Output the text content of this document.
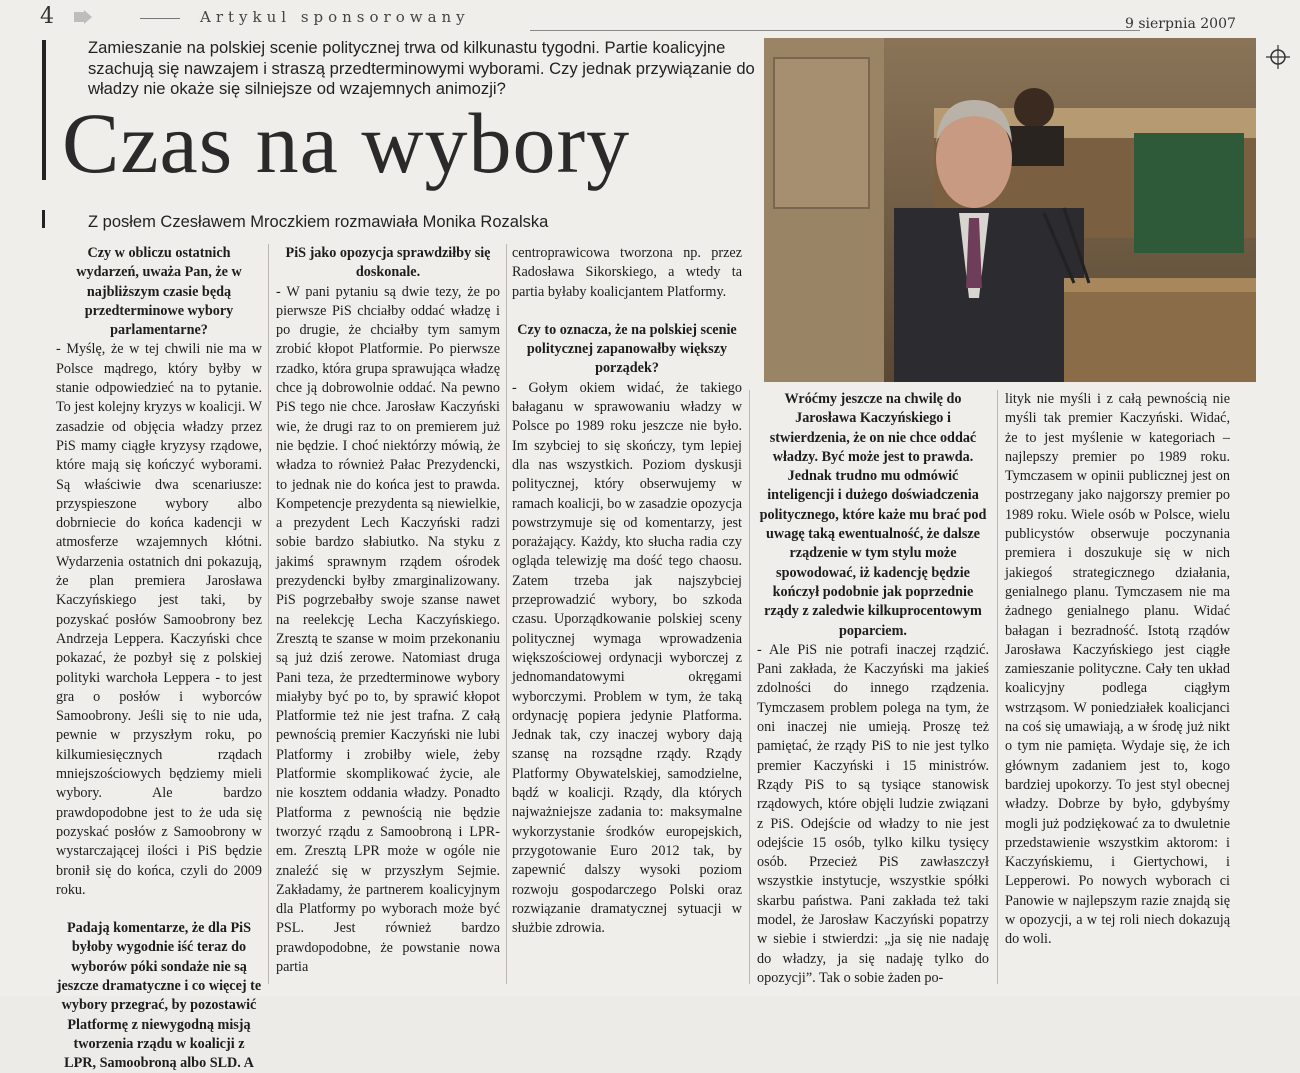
4	Artykul sponsorowany	9 sierpnia 2007
Zamieszanie na polskiej scenie politycznej trwa od kilkunastu tygodni. Partie koalicyjne szachują się nawzajem i straszą przedterminowymi wyborami. Czy jednak przywiązanie do władzy nie okaże się silniejsze od wzajemnych animozji?
Czas na wybory
Z posłem Czesławem Mroczkiem rozmawiała Monika Rozalska

Czy w obliczu ostatnich wydarzeń, uważa Pan, że w najbliższym czasie będą przedterminowe wybory parlamentarne?

- Myślę, że w tej chwili nie ma w Polsce mądrego, który byłby w stanie odpowiedzieć na to pytanie. To jest kolejny kryzys w koalicji. W zasadzie od objęcia władzy przez PiS mamy ciągłe kryzysy rządowe, które mają się kończyć wyborami. Są właściwie dwa scenariusze: przyspieszone wybory albo dobrniecie do końca kadencji w atmosferze wzajemnych kłótni. Wydarzenia ostatnich dni pokazują, że plan premiera Jarosława Kaczyńskiego jest taki, by pozyskać posłów Samoobrony bez Andrzeja Leppera. Kaczyński chce pokazać, że pozbył się z polskiej polityki warchoła Leppera - to jest gra o posłów i wyborców Samoobrony. Jeśli się to nie uda, pewnie w przyszłym roku, po kilkumiesięcznych rządach mniejszościowych będziemy mieli wybory. Ale bardzo prawdopodobne jest to że uda się pozyskać posłów z Samoobrony w wystarczającej ilości i PiS będzie bronił się do końca, czyli do 2009 roku.

Padają komentarze, że dla PiS byłoby wygodnie iść teraz do wyborów póki sondaże nie są jeszcze dramatyczne i co więcej te wybory przegrać, by pozostawić Platformę z niewygodną misją tworzenia rządu w koalicji z LPR, Samoobroną albo SLD. A

PiS jako opozycja sprawdziłby się doskonale.

- W pani pytaniu są dwie tezy, że po pierwsze PiS chciałby oddać władzę i po drugie, że chciałby tym samym zrobić kłopot Platformie. Po pierwsze rzadko, która grupa sprawująca władzę chce ją dobrowolnie oddać. Na pewno PiS tego nie chce. Jarosław Kaczyński wie, że drugi raz to on premierem już nie będzie. I choć niektórzy mówią, że władza to również Pałac Prezydencki, to jednak nie do końca jest to prawda. Kompetencje prezydenta są niewielkie, a prezydent Lech Kaczyński radzi sobie bardzo słabiutko. Na styku z jakimś sprawnym rządem ośrodek prezydencki byłby zmarginalizowany. PiS pogrzebałby swoje szanse nawet na reelekcję Lecha Kaczyńskiego. Zresztą te szanse w moim przekonaniu są już dziś zerowe. Natomiast druga Pani teza, że przedterminowe wybory miałyby być po to, by sprawić kłopot Platformie też nie jest trafna. Z całą pewnością premier Kaczyński nie lubi Platformy i zrobiłby wiele, żeby Platformie skomplikować życie, ale nie kosztem oddania władzy. Ponadto Platforma z pewnością nie będzie tworzyć rządu z Samoobroną i LPR-em. Zresztą LPR może w ogóle nie znaleźć się w przyszłym Sejmie. Zakładamy, że partnerem koalicyjnym dla Platformy po wyborach może być PSL. Jest również bardzo prawdopodobne, że powstanie nowa partia

centroprawicowa tworzona np. przez Radosława Sikorskiego, a wtedy ta partia byłaby koalicjantem Platformy.

Czy to oznacza, że na polskiej scenie politycznej zapanowałby większy porządek?

- Gołym okiem widać, że takiego bałaganu w sprawowaniu władzy w Polsce po 1989 roku jeszcze nie było. Im szybciej to się skończy, tym lepiej dla nas wszystkich. Poziom dyskusji politycznej, który obserwujemy w ramach koalicji, bo w zasadzie opozycja powstrzymuje się od komentarzy, jest porażający. Każdy, kto słucha radia czy ogląda telewizję ma dość tego chaosu. Zatem trzeba jak najszybciej przeprowadzić wybory, bo szkoda czasu. Uporządkowanie polskiej sceny politycznej wymaga wprowadzenia większościowej ordynacji wyborczej z jednomandatowymi okręgami wyborczymi. Problem w tym, że taką ordynację popiera jedynie Platforma. Jednak tak, czy inaczej wybory dają szansę na rozsądne rządy. Rządy Platformy Obywatelskiej, samodzielne, bądź w koalicji. Rządy, dla których najważniejsze zadania to: maksymalne wykorzystanie środków europejskich, przygotowanie Euro 2012 tak, by zapewnić dalszy wysoki poziom rozwoju gospodarczego Polski oraz rozwiązanie dramatycznej sytuacji w służbie zdrowia.

Wróćmy jeszcze na chwilę do Jarosława Kaczyńskiego i stwierdzenia, że on nie chce oddać władzy. Być może jest to prawda. Jednak trudno mu odmówić inteligencji i dużego doświadczenia politycznego, które każe mu brać pod uwagę taką ewentualność, że dalsze rządzenie w tym stylu może spowodować, iż kadencję będzie kończył podobnie jak poprzednie rządy z zaledwie kilkuprocentowym poparciem.

- Ale PiS nie potrafi inaczej rządzić. Pani zakłada, że Kaczyński ma jakieś zdolności do innego rządzenia. Tymczasem problem polega na tym, że oni inaczej nie umieją. Proszę też pamiętać, że rządy PiS to nie jest tylko premier Kaczyński i 15 ministrów. Rządy PiS to są tysiące stanowisk rządowych, które objęli ludzie związani z PiS. Odejście od władzy to nie jest odejście 15 osób, tylko kilku tysięcy osób. Przecież PiS zawłaszczył wszystkie instytucje, wszystkie spółki skarbu państwa. Pani zakłada też taki model, że Jarosław Kaczyński popatrzy w siebie i stwierdzi: „ja się nie nadaję do władzy, ja się nadaję tylko do opozycji”. Tak o sobie żaden po-

lityk nie myśli i z całą pewnością nie myśli tak premier Kaczyński. Widać, że to jest myślenie w kategoriach – najlepszy premier po 1989 roku. Tymczasem w opinii publicznej jest on postrzegany jako najgorszy premier po 1989 roku. Wiele osób w Polsce, wielu publicystów obserwuje poczynania premiera i doszukuje się w nich jakiegoś strategicznego działania, genialnego planu. Tymczasem nie ma żadnego genialnego planu. Widać bałagan i bezradność. Istotą rządów Jarosława Kaczyńskiego jest ciągłe zamieszanie polityczne. Cały ten układ koalicyjny podlega ciągłym wstrząsom. W poniedziałek koalicjanci na coś się umawiają, a w środę już nikt o tym nie pamięta. Wydaje się, że ich głównym zadaniem jest to, kogo bardziej upokorzy. To jest styl obecnej władzy. Dobrze by było, gdybyśmy mogli już podziękować za to dwuletnie przedstawienie wszystkim aktorom: i Kaczyńskiemu, i Giertychowi, i Lepperowi. Po nowych wyborach ci Panowie w najlepszym razie znajdą się w opozycji, a w tej roli niech dokazują do woli.
